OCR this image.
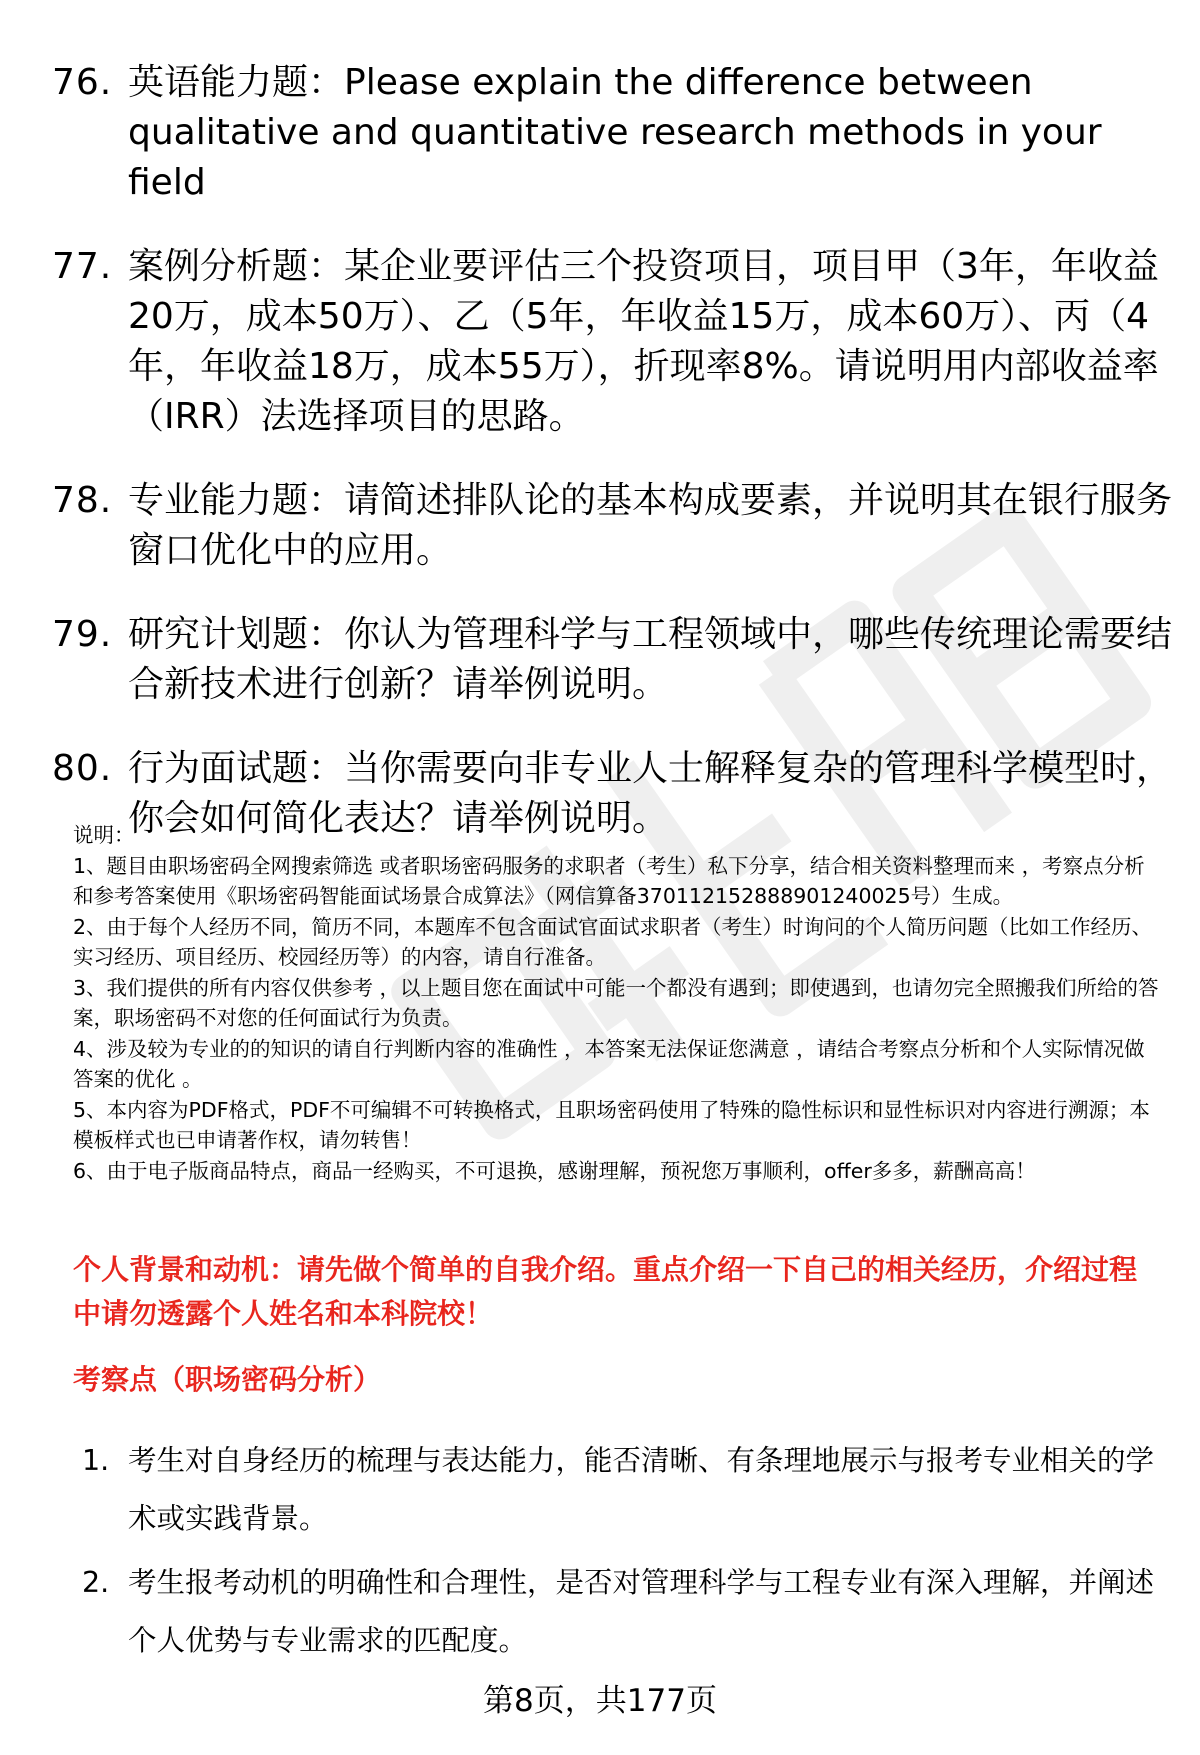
76. 英语能力题：Please explain the difference between qualitative and quantitative research methods in your field
77. 案例分析题：某企业要评估三个投资项目，项目甲（3年，年收益20万，成本50万）、乙（5年，年收益15万，成本60万）、丙（4年，年收益18万，成本55万），折现率8%。请说明用内部收益率（IRR）法选择项目的思路。
78. 专业能力题：请简述排队论的基本构成要素，并说明其在银行服务窗口优化中的应用。
79. 研究计划题：你认为管理科学与工程领域中，哪些传统理论需要结合新技术进行创新？请举例说明。
80. 行为面试题：当你需要向非专业人士解释复杂的管理科学模型时，你会如何简化表达？请举例说明。

说明：

1、题目由职场密码全网搜索筛选 或者职场密码服务的求职者（考生）私下分享，结合相关资料整理而来 ，考察点分析和参考答案使用《职场密码智能面试场景合成算法》（网信算备370112152888901240025号）生成。

2、由于每个人经历不同，简历不同，本题库不包含面试官面试求职者（考生）时询问的个人简历问题（比如工作经历、实习经历、项目经历、校园经历等）的内容，请自行准备。

3、我们提供的所有内容仅供参考 ，以上题目您在面试中可能一个都没有遇到；即使遇到，也请勿完全照搬我们所给的答案，职场密码不对您的任何面试行为负责。

4、涉及较为专业的的知识的请自行判断内容的准确性 ，本答案无法保证您满意 ，请结合考察点分析和个人实际情况做答案的优化 。

5、本内容为PDF格式，PDF不可编辑不可转换格式，且职场密码使用了特殊的隐性标识和显性标识对内容进行溯源；本模板样式也已申请著作权，请勿转售！

6、由于电子版商品特点，商品一经购买，不可退换，感谢理解，预祝您万事顺利，offer多多，薪酬高高！

个人背景和动机：请先做个简单的自我介绍。重点介绍一下自己的相关经历，介绍过程中请勿透露个人姓名和本科院校！
考察点（职场密码分析）
1. 考生对自身经历的梳理与表达能力，能否清晰、有条理地展示与报考专业相关的学术或实践背景。
2. 考生报考动机的明确性和合理性，是否对管理科学与工程专业有深入理解，并阐述个人优势与专业需求的匹配度。
第8页，共177页
